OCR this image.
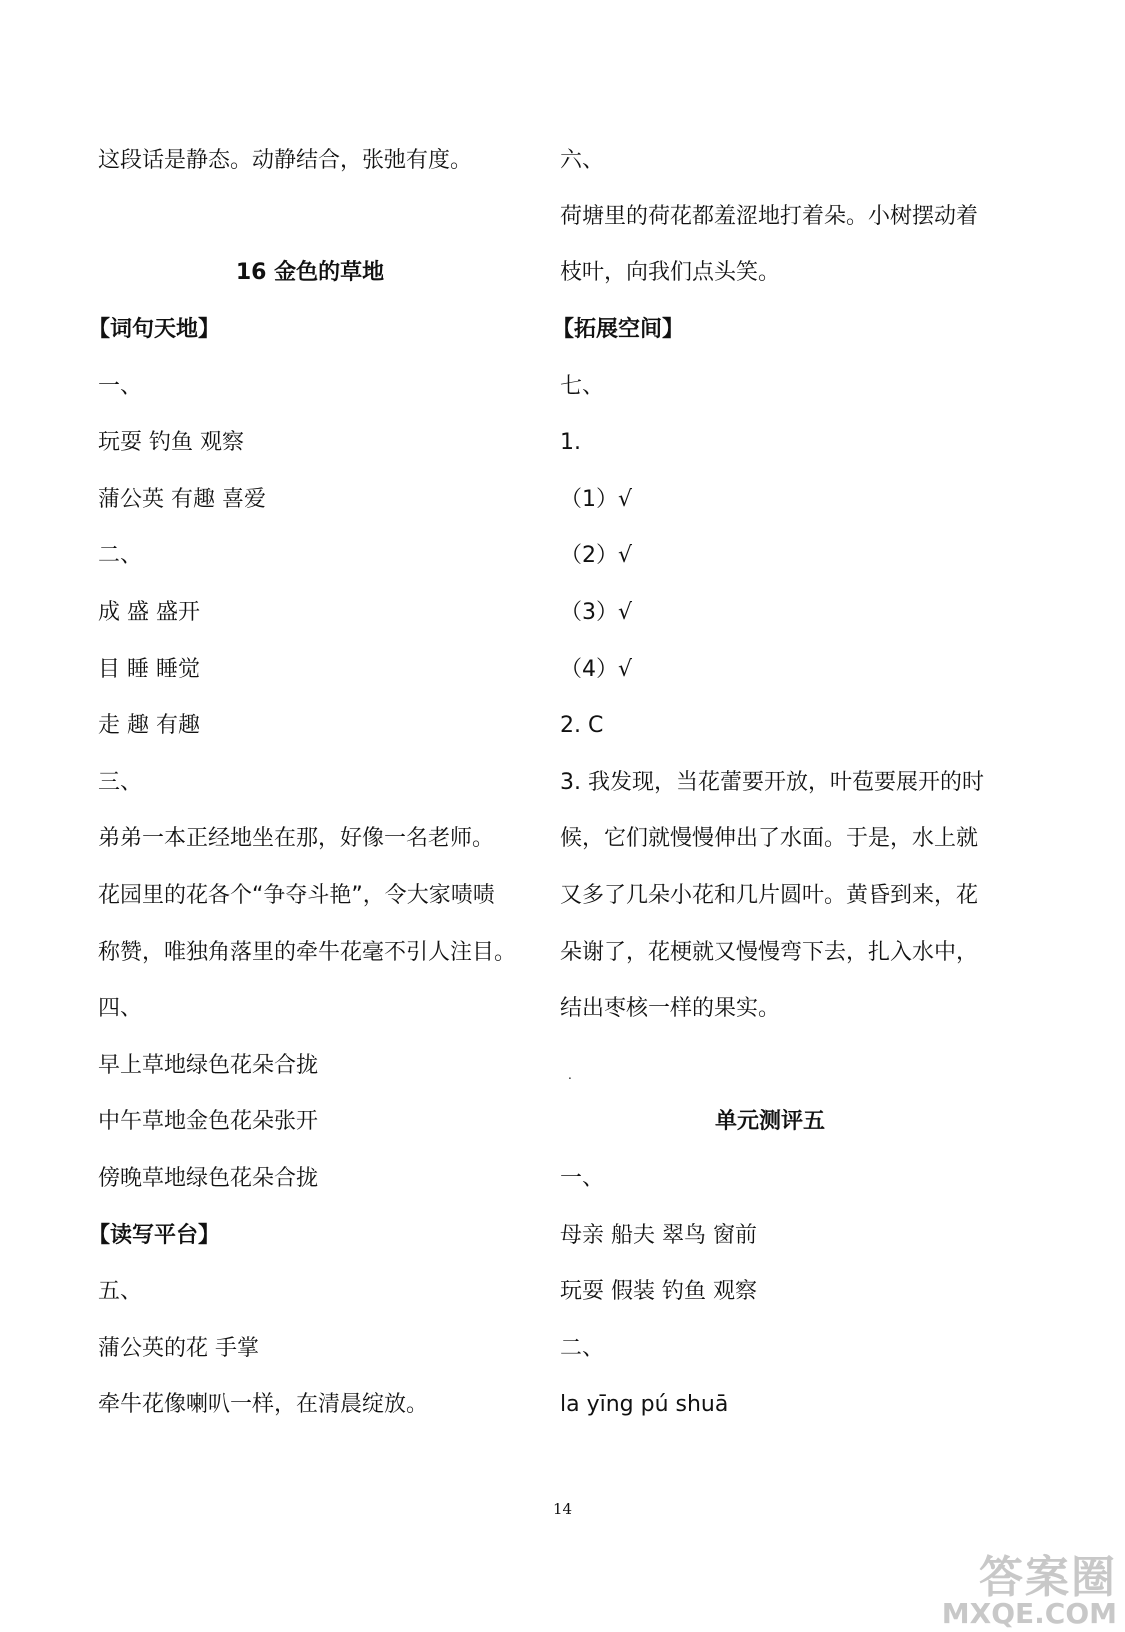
这段话是静态。动静结合，张弛有度。
16 金色的草地
【词句天地】
一、
玩耍 钓鱼 观察
蒲公英 有趣 喜爱
二、
成 盛 盛开
目 睡 睡觉
走 趣 有趣
三、
弟弟一本正经地坐在那，好像一名老师。
花园里的花各个“争夺斗艳”，令大家啧啧
称赞，唯独角落里的牵牛花毫不引人注目。
四、
早上草地绿色花朵合拢
中午草地金色花朵张开
傍晚草地绿色花朵合拢
【读写平台】
五、
蒲公英的花 手掌
牵牛花像喇叭一样，在清晨绽放。
六、
荷塘里的荷花都羞涩地打着朵。小树摆动着
枝叶，向我们点头笑。
【拓展空间】
七、
1.
（1）√
（2）√
（3）√
（4）√
2. C
3. 我发现，当花蕾要开放，叶苞要展开的时
候，它们就慢慢伸出了水面。于是，水上就
又多了几朵小花和几片圆叶。黄昏到来，花
朵谢了，花梗就又慢慢弯下去，扎入水中，
结出枣核一样的果实。
.
单元测评五
一、
母亲 船夫 翠鸟 窗前
玩耍 假装 钓鱼 观察
二、
la yīng pú shuā
14
答案圈
MXQE.COM
